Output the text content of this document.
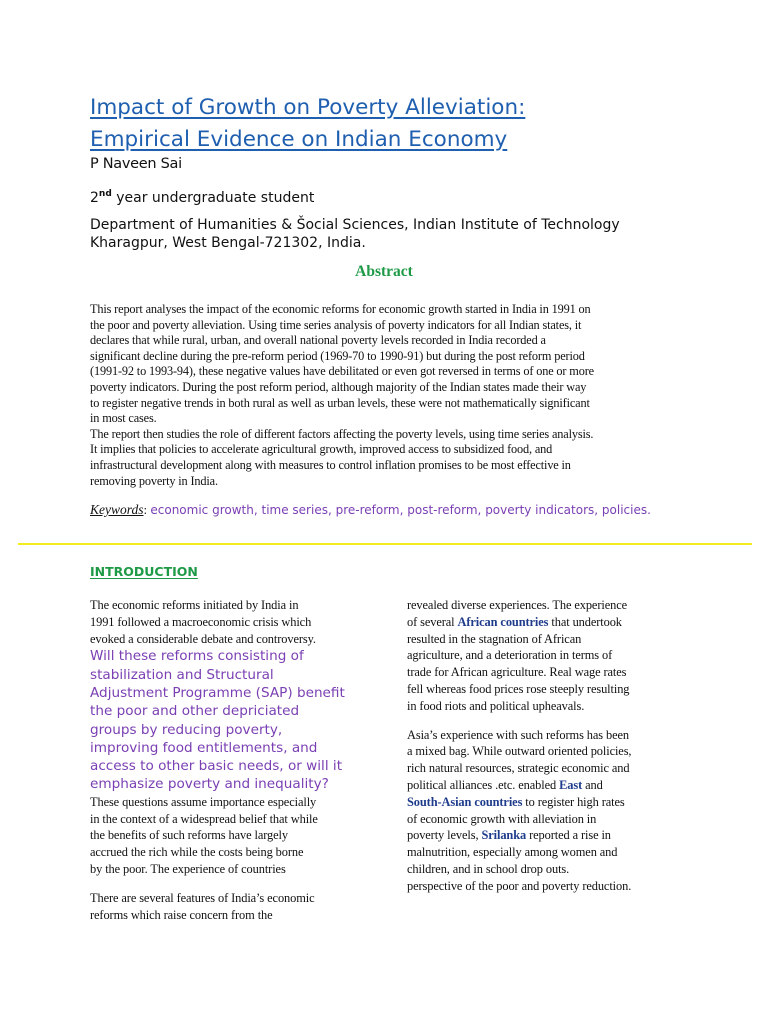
Impact of Growth on Poverty Alleviation:
Empirical Evidence on Indian Economy
P Naveen Sai
2nd year undergraduate student
Department of Humanities & Šocial Sciences, Indian Institute of Technology
Kharagpur, West Bengal-721302, India.
Abstract
This report analyses the impact of the economic reforms for economic growth started in India in 1991 on
the poor and poverty alleviation. Using time series analysis of poverty indicators for all Indian states, it
declares that while rural, urban, and overall national poverty levels recorded in India recorded a
significant decline during the pre-reform period (1969-70 to 1990-91) but during the post reform period
(1991-92 to 1993-94), these negative values have debilitated or even got reversed in terms of one or more
poverty indicators. During the post reform period, although majority of the Indian states made their way
to register negative trends in both rural as well as urban levels, these were not mathematically significant
in most cases.
The report then studies the role of different factors affecting the poverty levels, using time series analysis.
It implies that policies to accelerate agricultural growth, improved access to subsidized food, and
infrastructural development along with measures to control inflation promises to be most effective in
removing poverty in India.
Keywords: economic growth, time series, pre-reform, post-reform, poverty indicators, policies.
INTRODUCTION
The economic reforms initiated by India in
1991 followed a macroeconomic crisis which
evoked a considerable debate and controversy.
Will these reforms consisting of
stabilization and Structural
Adjustment Programme (SAP) benefit
the poor and other depriciated
groups by reducing poverty,
improving food entitlements, and
access to other basic needs, or will it
emphasize poverty and inequality?
These questions assume importance especially
in the context of a widespread belief that while
the benefits of such reforms have largely
accrued the rich while the costs being borne
by the poor. The experience of countries
There are several features of India’s economic
reforms which raise concern from the
revealed diverse experiences. The experience
of several African countries that undertook
resulted in the stagnation of African
agriculture, and a deterioration in terms of
trade for African agriculture. Real wage rates
fell whereas food prices rose steeply resulting
in food riots and political upheavals.
Asia’s experience with such reforms has been
a mixed bag. While outward oriented policies,
rich natural resources, strategic economic and
political alliances .etc. enabled East and
South-Asian countries to register high rates
of economic growth with alleviation in
poverty levels, Srilanka reported a rise in
malnutrition, especially among women and
children, and in school drop outs.
perspective of the poor and poverty reduction.
